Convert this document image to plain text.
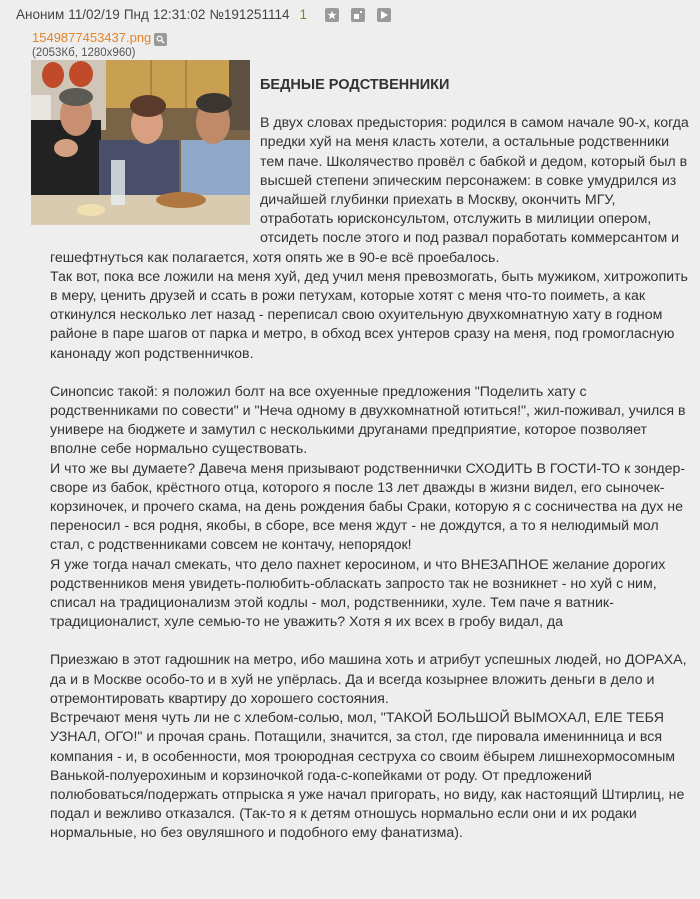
Аноним 11/02/19 Пнд 12:31:02 №191251114 1
1549877453437.png
(2053Кб, 1280x960)
БЕДНЫЕ РОДСТВЕННИКИ

В двух словах предыстория: родился в самом начале 90-х, когда предки хуй на меня класть хотели, а остальные родственники тем паче. Школячество провёл с бабкой и дедом, который был в высшей степени эпическим персонажем: в совке умудрился из дичайшей глубинки приехать в Москву, окончить МГУ, отработать юрисконсультом, отслужить в милиции опером, отсидеть после этого и под развал поработать коммерсантом и гешефтнуться как полагается, хотя опять же в 90-е всё проебалось.

Так вот, пока все ложили на меня хуй, дед учил меня превозмогать, быть мужиком, хитрожопить в меру, ценить друзей и ссать в рожи петухам, которые хотят с меня что-то поиметь, а как откинулся несколько лет назад - переписал свою охуительную двухкомнатную хату в годном районе в паре шагов от парка и метро, в обход всех унтеров сразу на меня, под громогласную канонаду жоп родственничков.

Синопсис такой: я положил болт на все охуенные предложения "Поделить хату с родственниками по совести" и "Неча одному в двухкомнатной ютиться!", жил-поживал, учился в универе на бюджете и замутил с несколькими друганами предприятие, которое позволяет вполне себе нормально существовать.

И что же вы думаете? Давеча меня призывают родственнички СХОДИТЬ В ГОСТИ-ТО к зондер-своре из бабок, крёстного отца, которого я после 13 лет дважды в жизни видел, его сыночек-корзиночек, и прочего скама, на день рождения бабы Сраки, которую я с сосничества на дух не переносил - вся родня, якобы, в сборе, все меня ждут - не дождутся, а то я нелюдимый мол стал, с родственниками совсем не контачу, непорядок!

Я уже тогда начал смекать, что дело пахнет керосином, и что ВНЕЗАПНОЕ желание дорогих родственников меня увидеть-полюбить-обласкать запросто так не возникнет - но хуй с ним, списал на традиционализм этой кодлы - мол, родственники, хуле. Тем паче я ватник-традиционалист, хуле семью-то не уважить? Хотя я их всех в гробу видал, да

Приезжаю в этот гадюшник на метро, ибо машина хоть и атрибут успешных людей, но ДОРАХА, да и в Москве особо-то и в хуй не упёрлась. Да и всегда козырнее вложить деньги в дело и отремонтировать квартиру до хорошего состояния.

Встречают меня чуть ли не с хлебом-солью, мол, "ТАКОЙ БОЛЬШОЙ ВЫМОХАЛ, ЕЛЕ ТЕБЯ УЗНАЛ, ОГО!" и прочая срань. Потащили, значится, за стол, где пировала именинница и вся компания - и, в особенности, моя троюродная сеструха со своим ёбырем лишнехормосомным Ванькой-полуерохиным и корзиночкой года-с-копейками от роду. От предложений полюбоваться/подержать отпрыска я уже начал пригорать, но виду, как настоящий Штирлиц, не подал и вежливо отказался. (Так-то я к детям отношусь нормально если они и их родаки нормальные, но без овуляшного и подобного ему фанатизма).
